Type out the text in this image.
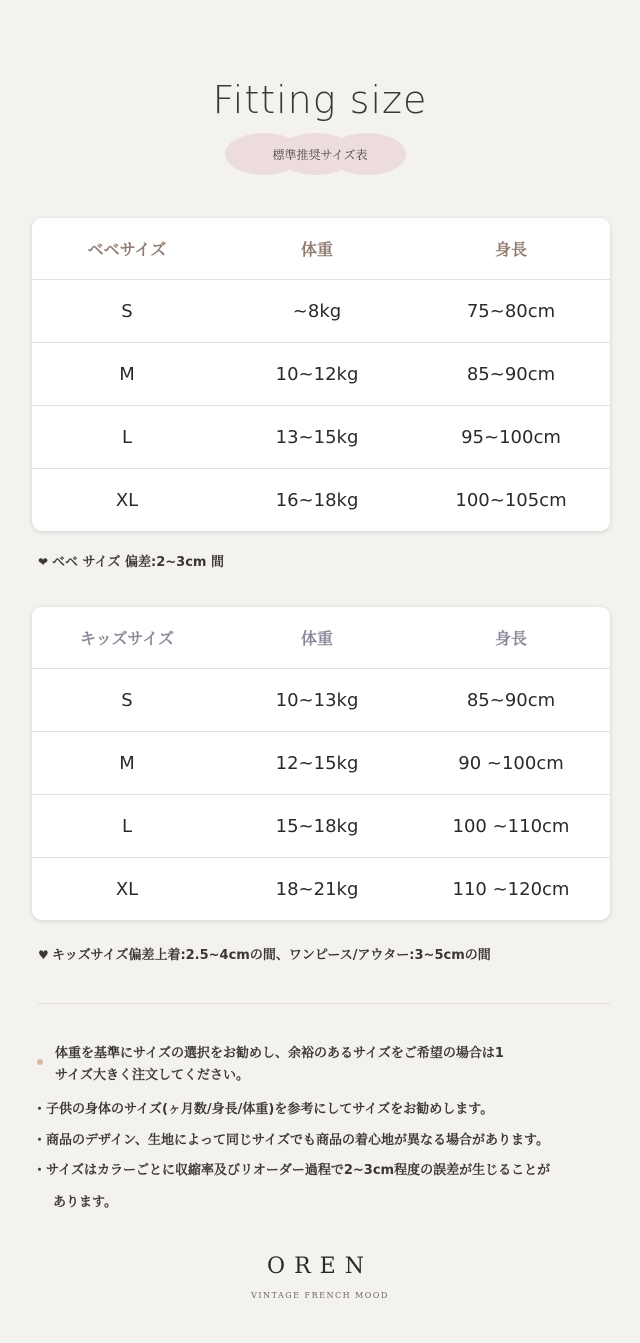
Fitting size
標準推奨サイズ表
ベベサイズ	体重	身長
S	~8kg	75~80cm
M	10~12kg	85~90cm
L	13~15kg	95~100cm
XL	16~18kg	100~105cm
❤ ベベ サイズ 偏差:2~3cm 間
キッズサイズ	体重	身長
S	10~13kg	85~90cm
M	12~15kg	90 ~100cm
L	15~18kg	100 ~110cm
XL	18~21kg	110 ~120cm
♥ キッズサイズ偏差上着:2.5~4cmの間、ワンピース/アウター:3~5cmの間
体重を基準にサイズの選択をお勧めし、余裕のあるサイズをご希望の場合は1
サイズ大きく注文してください。
・子供の身体のサイズ(ヶ月数/身長/体重)を参考にしてサイズをお勧めします。
・商品のデザイン、生地によって同じサイズでも商品の着心地が異なる場合があります。
・サイズはカラーごとに収縮率及びリオーダー過程で2~3cm程度の誤差が生じることが
あります。
OREN
VINTAGE FRENCH MOOD
